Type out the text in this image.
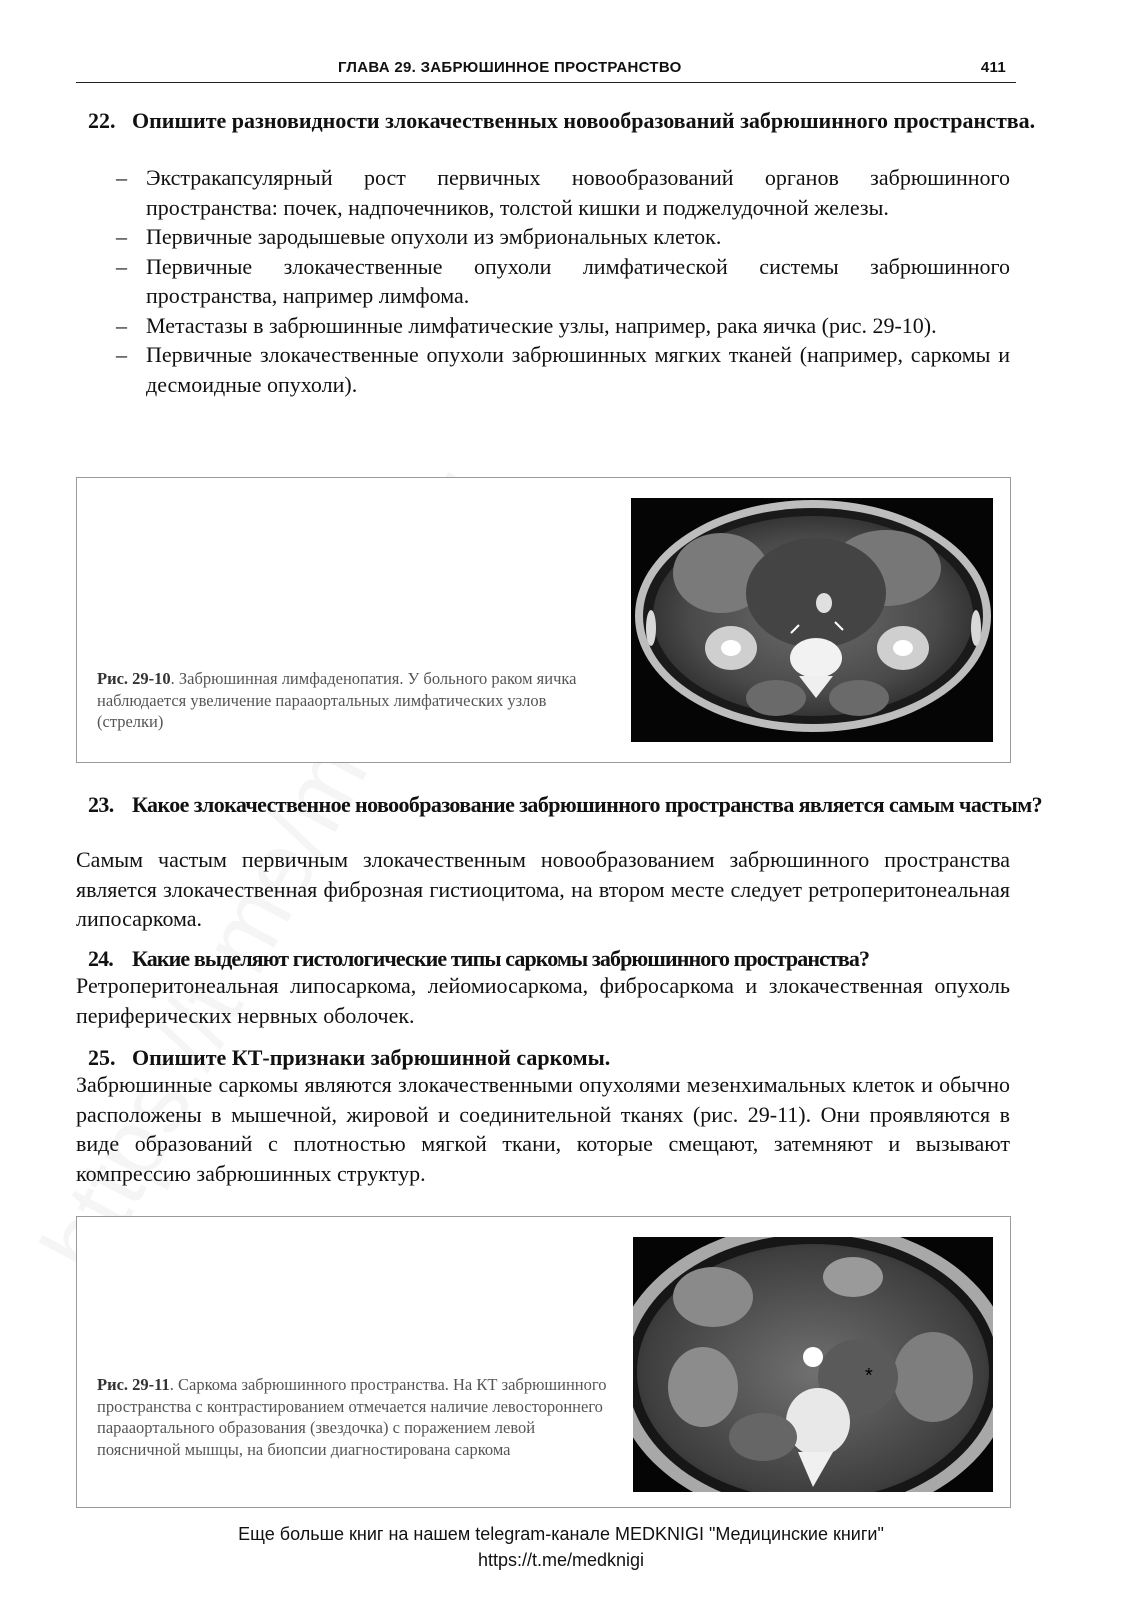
ГЛАВА 29. ЗАБРЮШИННОЕ ПРОСТРАНСТВО	411
22. Опишите разновидности злокачественных новообразований забрюшинного пространства.
– Экстракапсулярный рост первичных новообразований органов забрюшинного пространства: почек, надпочечников, толстой кишки и поджелудочной железы.
– Первичные зародышевые опухоли из эмбриональных клеток.
– Первичные злокачественные опухоли лимфатической системы забрюшинного пространства, например лимфома.
– Метастазы в забрюшинные лимфатические узлы, например, рака яичка (рис. 29-10).
– Первичные злокачественные опухоли забрюшинных мягких тканей (например, саркомы и десмоидные опухоли).
Рис. 29-10. Забрюшинная лимфаденопатия. У больного раком яичка наблюдается увеличение парааортальных лимфатических узлов (стрелки)
23. Какое злокачественное новообразование забрюшинного пространства является самым частым?
Самым частым первичным злокачественным новообразованием забрюшинного пространства является злокачественная фиброзная гистиоцитома, на втором месте следует ретроперитонеальная липосаркома.
24. Какие выделяют гистологические типы саркомы забрюшинного пространства?
Ретроперитонеальная липосаркома, лейомиосаркома, фибросаркома и злокачественная опухоль периферических нервных оболочек.
25. Опишите КТ-признаки забрюшинной саркомы.
Забрюшинные саркомы являются злокачественными опухолями мезенхимальных клеток и обычно расположены в мышечной, жировой и соединительной тканях (рис. 29-11). Они проявляются в виде образований с плотностью мягкой ткани, которые смещают, затемняют и вызывают компрессию забрюшинных структур.
Рис. 29-11. Саркома забрюшинного пространства. На КТ забрюшинного пространства с контрастированием отмечается наличие левостороннего парааортального образования (звездочка) с поражением левой поясничной мышцы, на биопсии диагностирована саркома
*
Еще больше книг на нашем telegram-канале MEDKNIGI "Медицинские книги"
https://t.me/medknigi
